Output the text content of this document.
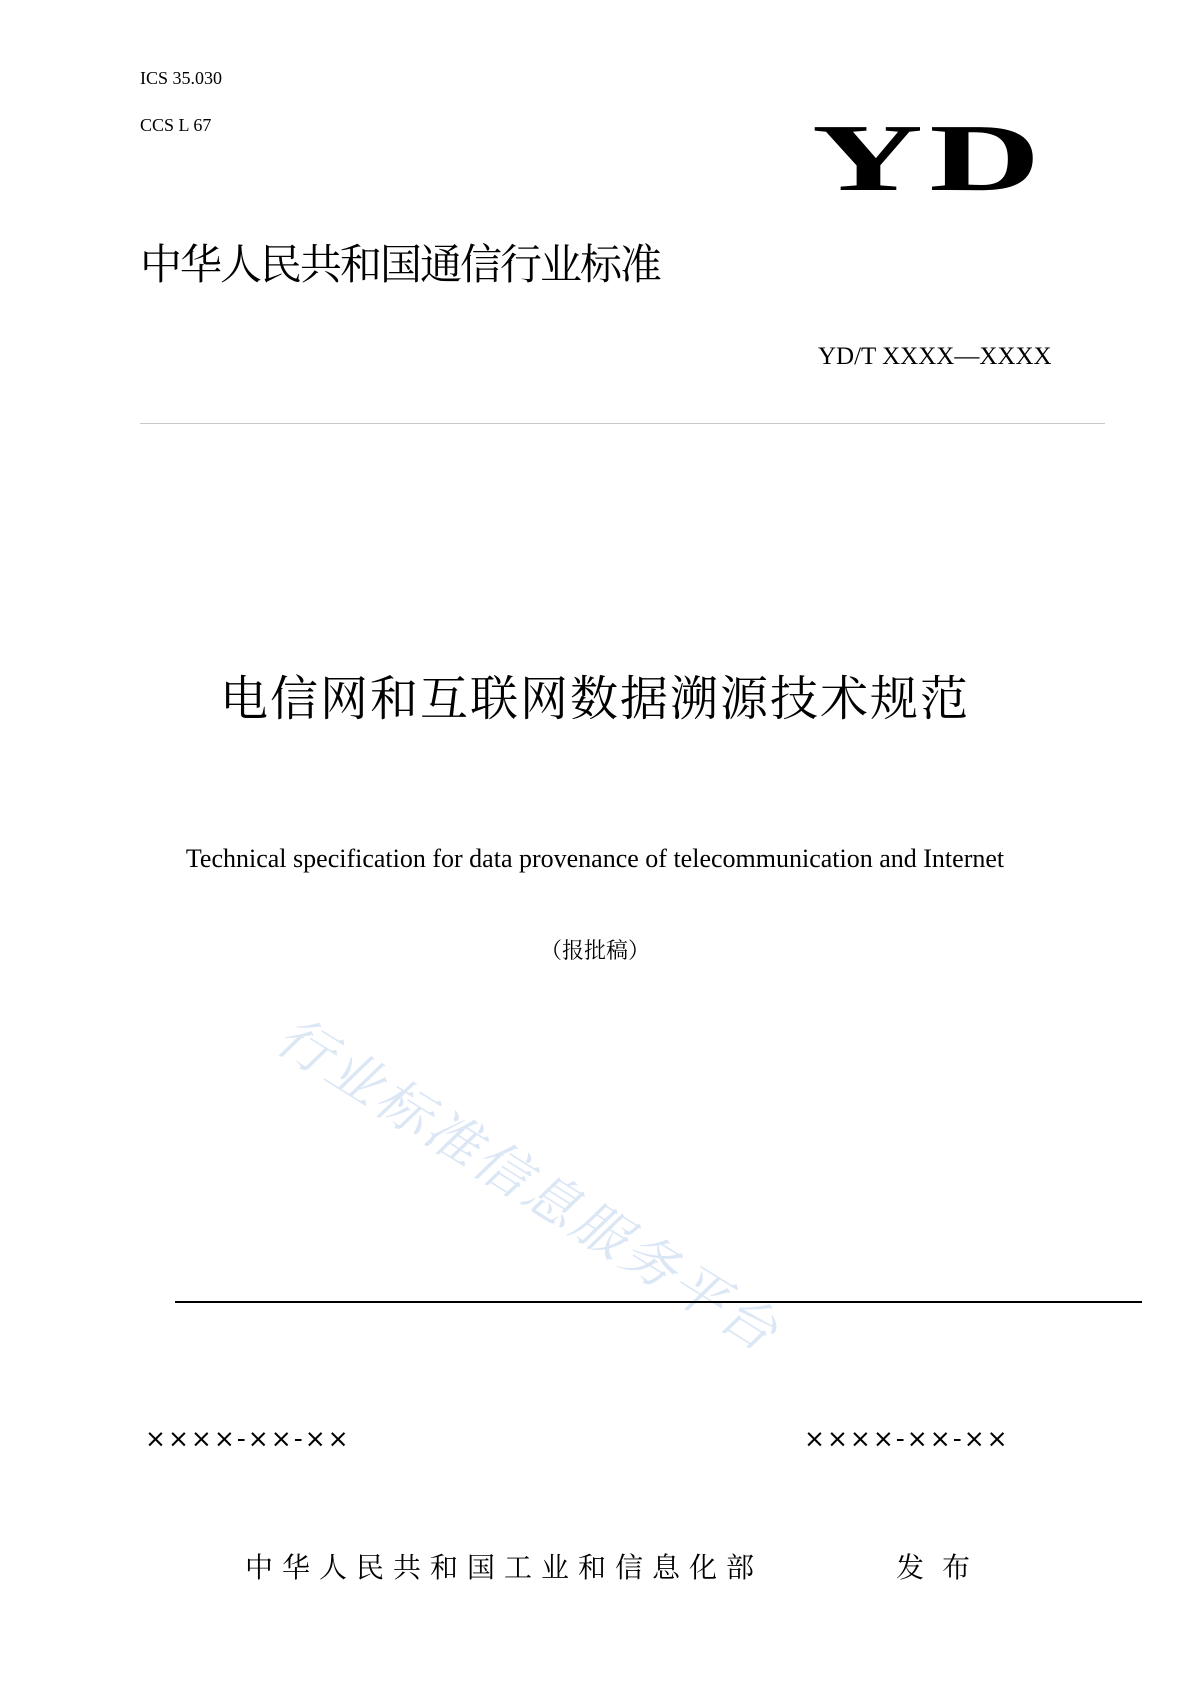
ICS 35.030
CCS L 67	YD
中华人民共和国通信行业标准
YD/T XXXX—XXXX
电信网和互联网数据溯源技术规范
Technical specification for data provenance of telecommunication and Internet
（报批稿）
行业标准信息服务平台
××××-××-××	××××-××-××
中华人民共和国工业和信息化部	发布
